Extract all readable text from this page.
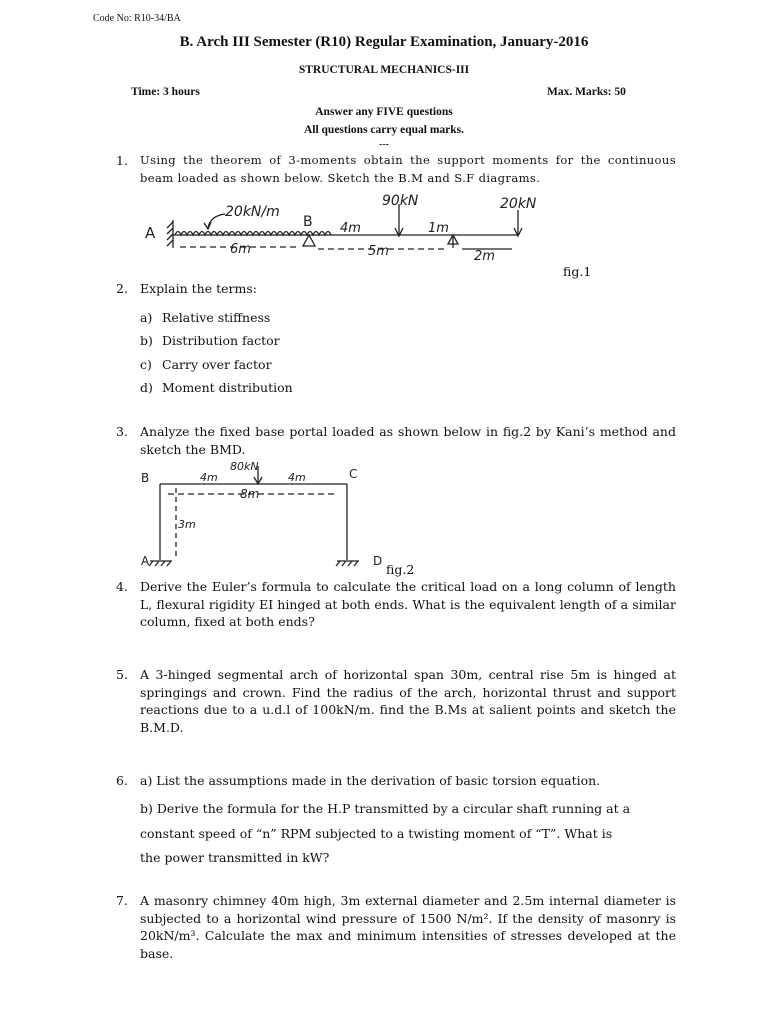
Code No: R10-34/BA
B. Arch III Semester (R10) Regular Examination, January-2016
STRUCTURAL MECHANICS-III
Time: 3 hours	Max. Marks: 50
Answer any FIVE questions
All questions carry equal marks.
---
1. Using the theorem of 3-moments obtain the support moments for the continuous beam loaded as shown below. Sketch the B.M and S.F diagrams.
A
B
20kN/m
90kN	20kN
4m	1m
6m	5m	2m
fig.1
2. Explain the terms:
a) Relative stiffness
b) Distribution factor
c) Carry over factor
d) Moment distribution
3. Analyze the fixed base portal loaded as shown below in fig.2 by Kani’s method and sketch the BMD.
B
A
C
D
80kN
4m	4m
8m
3m
fig.2
4. Derive the Euler’s formula to calculate the critical load on a long column of length L, flexural rigidity EI hinged at both ends. What is the equivalent length of a similar column, fixed at both ends?
5. A 3-hinged segmental arch of horizontal span 30m, central rise 5m is hinged at springings and crown. Find the radius of the arch, horizontal thrust and support reactions due to a u.d.l of 100kN/m. find the B.Ms at salient points and sketch the B.M.D.
6. a) List the assumptions made in the derivation of basic torsion equation.
b) Derive the formula for the H.P transmitted by a circular shaft running at a
constant speed of “n” RPM subjected to a twisting moment of “T”. What is
the power transmitted in kW?
7. A masonry chimney 40m high, 3m external diameter and 2.5m internal diameter is subjected to a horizontal wind pressure of 1500 N/m². If the density of masonry is 20kN/m³. Calculate the max and minimum intensities of stresses developed at the base.
